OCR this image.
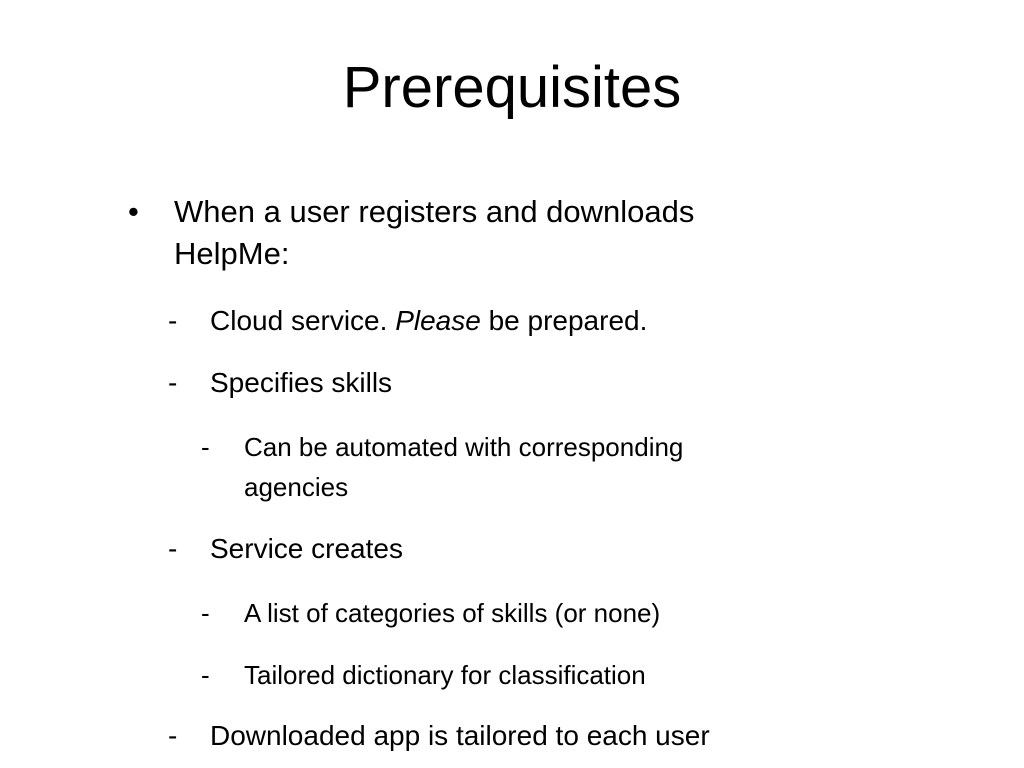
Prerequisites
• When a user registers and downloads
HelpMe:
- Cloud service. Please be prepared.
- Specifies skills
- Can be automated with corresponding
agencies
- Service creates
- A list of categories of skills (or none)
- Tailored dictionary for classification
- Downloaded app is tailored to each user
